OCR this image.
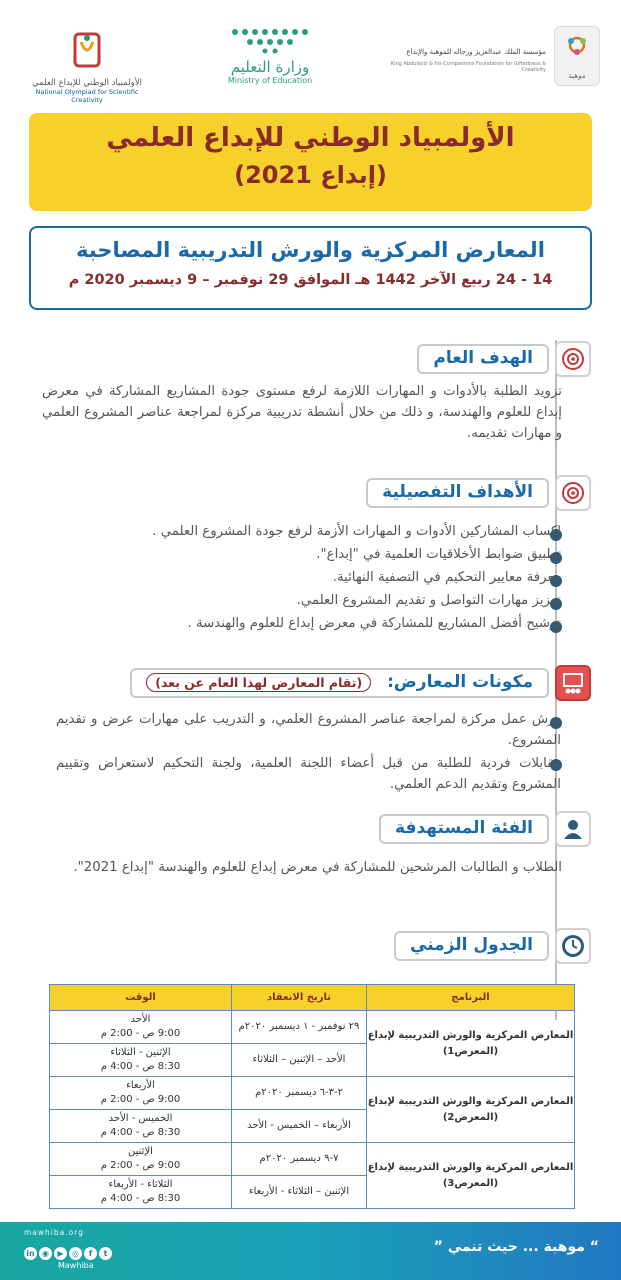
الأولمبياد الوطني للإبداع العلمي
National Olympiad for Scientific Creativity
وزارة التعليم
Ministry of Education	موهبة
مؤسسة الملك عبدالعزيز ورجاله للموهبة والإبداع
King Abdulaziz & his Companions Foundation for Giftedness & Creativity
الأولمبياد الوطني للإبداع العلمي
(إبداع 2021)
المعارض المركزية والورش التدريبية المصاحبة
14 - 24 ربيع الآخر 1442 هـ الموافق 29 نوفمبر – 9 ديسمبر 2020 م
الهدف العام
تزويد الطلبة بالأدوات و المهارات اللازمة لرفع مستوى جودة المشاريع المشاركة في معرض إبداع للعلوم والهندسة، و ذلك من خلال أنشطة تدريبية مركزة لمراجعة عناصر المشروع العلمي و مهارات تقديمه.
الأهداف التفصيلية
إكساب المشاركين الأدوات و المهارات الأزمة لرفع جودة المشروع العلمي .
تطبيق ضوابط الأخلاقيات العلمية في "إبداع".
معرفة معايير التحكيم في التصفية النهائية.
تعزيز مهارات التواصل و تقديم المشروع العلمي.
ترشيح أفضل المشاريع للمشاركة في معرض إبداع للعلوم والهندسة .
مكونات المعارض: (تقام المعارض لهذا العام عن بعد)
ورش عمل مركزة لمراجعة عناصر المشروع العلمي، و التدريب على مهارات عرض و تقديم المشروع.
مقابلات فردية للطلبة من قبل أعضاء اللجنة العلمية، ولجنة التحكيم لاستعراض وتقييم المشروع وتقديم الدعم العلمي.
الفئة المستهدفة
الطلاب و الطالبات المرشحين للمشاركة في معرض إبداع للعلوم والهندسة "إبداع 2021".
الجدول الزمني
البرنامج	تاريخ الانعقاد	الوقت
المعارض المركزية والورش التدريبية لإبداع (المعرض1)	٢٩ نوفمبر - ١ ديسمبر ٢٠٢٠م	الأحد
9:00 ص - 2:00 م

	الأحد – الإثنين – الثلاثاء	الإثنين - الثلاثاء
8:30 ص - 4:00 م

المعارض المركزية والورش التدريبية لإبداع (المعرض2)	٢-٣-٦ ديسمبر ٢٠٢٠م	الأربعاء
9:00 ص - 2:00 م

	الأربعاء – الخميس - الأحد	الخميس - الأحد
8:30 ص - 4:00 م

المعارض المركزية والورش التدريبية لإبداع (المعرض3)	٧-٩ ديسمبر ٢٠٢٠م	الإثنين
9:00 ص - 2:00 م

	الإثنين – الثلاثاء - الأربعاء	الثلاثاء - الأربعاء
8:30 ص - 4:00 م
“ موهبة ... حيث تنمي ”
mawhiba.org
in ◉ ▶ ◎ f t
Mawhiba
